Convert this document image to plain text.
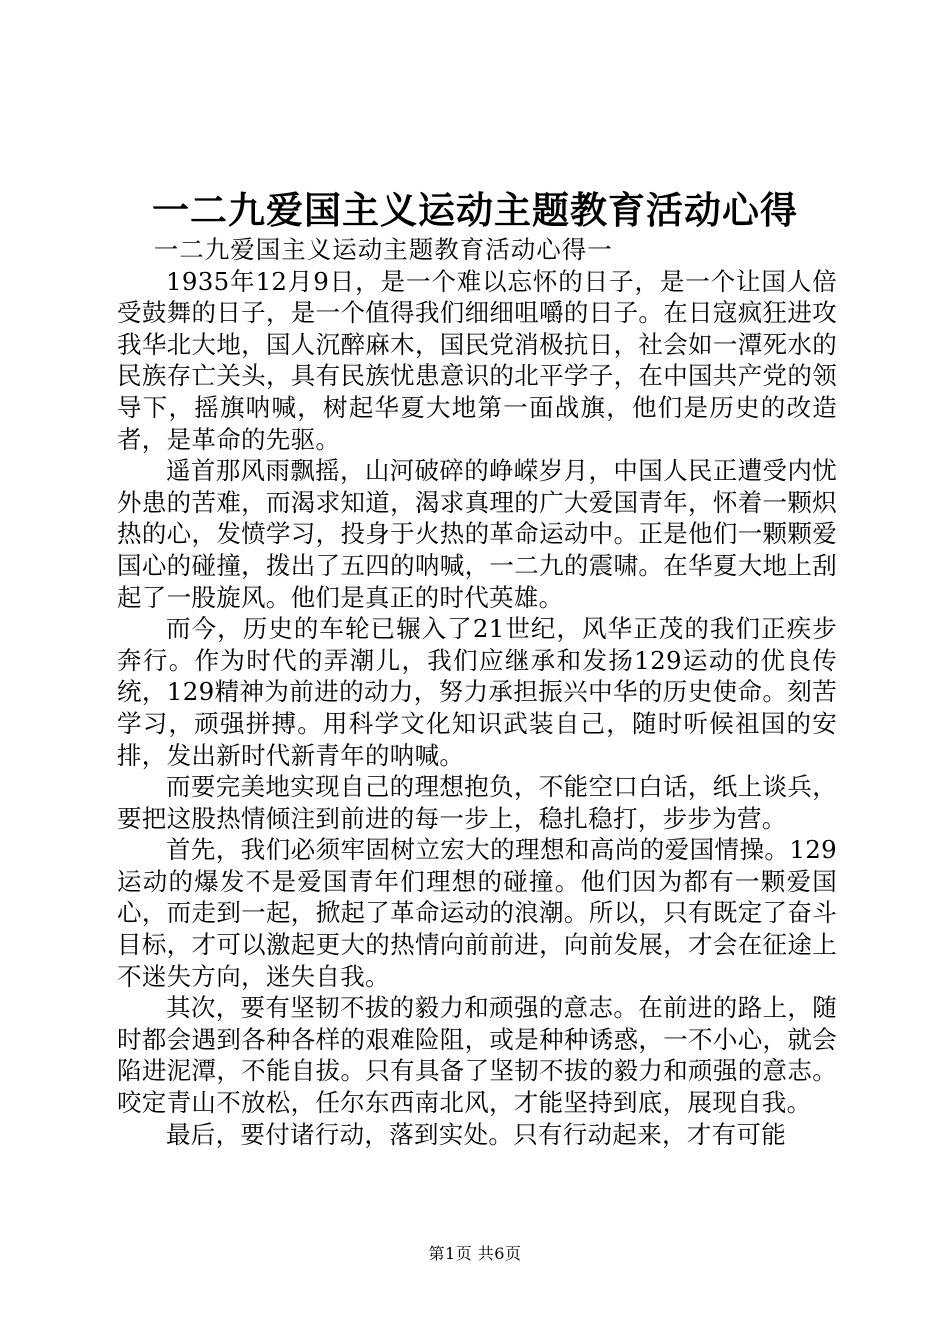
一二九爱国主义运动主题教育活动心得

一二九爱国主义运动主题教育活动心得一

1935年12月9日，是一个难以忘怀的日子，是一个让国人倍受鼓舞的日子，是一个值得我们细细咀嚼的日子。在日寇疯狂进攻我华北大地，国人沉醉麻木，国民党消极抗日，社会如一潭死水的民族存亡关头，具有民族忧患意识的北平学子，在中国共产党的领导下，摇旗呐喊，树起华夏大地第一面战旗，他们是历史的改造者，是革命的先驱。

遥首那风雨飘摇，山河破碎的峥嵘岁月，中国人民正遭受内忧外患的苦难，而渴求知道，渴求真理的广大爱国青年，怀着一颗炽热的心，发愤学习，投身于火热的革命运动中。正是他们一颗颗爱国心的碰撞，拨出了五四的呐喊，一二九的震啸。在华夏大地上刮起了一股旋风。他们是真正的时代英雄。

而今，历史的车轮已辗入了21世纪，风华正茂的我们正疾步奔行。作为时代的弄潮儿，我们应继承和发扬129运动的优良传统，129精神为前进的动力，努力承担振兴中华的历史使命。刻苦学习，顽强拼搏。用科学文化知识武装自己，随时听候祖国的安排，发出新时代新青年的呐喊。

而要完美地实现自己的理想抱负，不能空口白话，纸上谈兵，要把这股热情倾注到前进的每一步上，稳扎稳打，步步为营。

首先，我们必须牢固树立宏大的理想和高尚的爱国情操。129运动的爆发不是爱国青年们理想的碰撞。他们因为都有一颗爱国心，而走到一起，掀起了革命运动的浪潮。所以，只有既定了奋斗目标，才可以激起更大的热情向前前进，向前发展，才会在征途上不迷失方向，迷失自我。

其次，要有坚韧不拔的毅力和顽强的意志。在前进的路上，随时都会遇到各种各样的艰难险阻，或是种种诱惑，一不小心，就会陷进泥潭，不能自拔。只有具备了坚韧不拔的毅力和顽强的意志。咬定青山不放松，任尔东西南北风，才能坚持到底，展现自我。

最后，要付诸行动，落到实处。只有行动起来，才有可能

第1页 共6页
